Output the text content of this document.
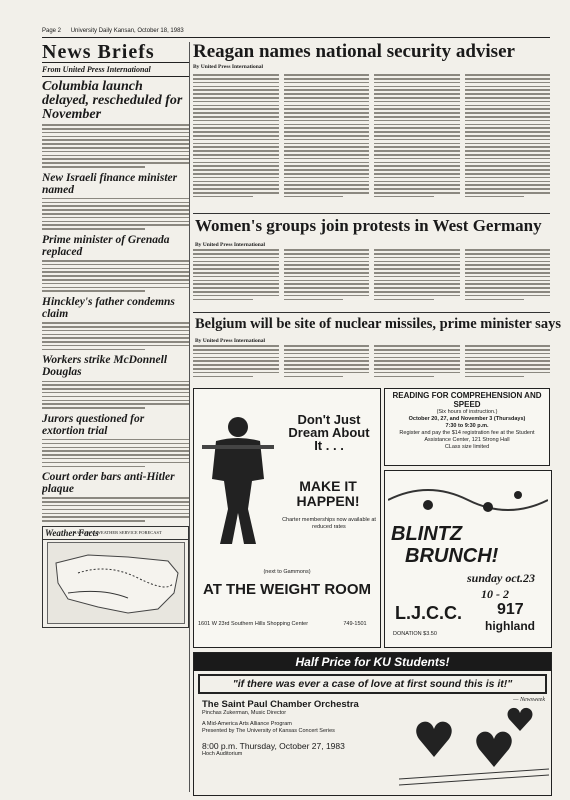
Page 2 University Daily Kansan, October 18, 1983
News Briefs
From United Press International
Columbia launch delayed, rescheduled for November
New Israeli finance minister named
Prime minister of Grenada replaced
Hinckley's father condemns claim
Workers strike McDonnell Douglas
Jurors questioned for extortion trial
Court order bars anti-Hitler plaque
Weather Facts
NATIONAL WEATHER SERVICE FORECAST
Reagan names national security adviser
By United Press International
Women's groups join protests in West Germany
By United Press International
Belgium will be site of nuclear missiles, prime minister says
By United Press International
Don't Just Dream About It . . .
MAKE IT HAPPEN!
Charter memberships now available at reduced rates
(next to Gammons)
AT THE WEIGHT ROOM
1601 W 23rd Southern Hills Shopping Center	749-1501
READING FOR COMPREHENSION AND SPEED
(Six hours of instruction.)
October 20, 27, and November 3 (Thursdays)
7:30 to 9:30 p.m.
Register and pay the $14 registration fee at the Student Assistance Center, 121 Strong Hall
CLass size limited
BLINTZ
BRUNCH!
sunday oct.23
10 - 2
L.J.C.C. 917
highland
DONATION $3.50
Half Price for KU Students!
"if there was ever a case of love at first sound this is it!"
— Newsweek
The Saint Paul Chamber Orchestra
Pinchas Zukerman, Music Director
A Mid-America Arts Alliance Program
Presented by The University of Kansas Concert Series
8:00 p.m. Thursday, October 27, 1983
Hoch Auditorium
